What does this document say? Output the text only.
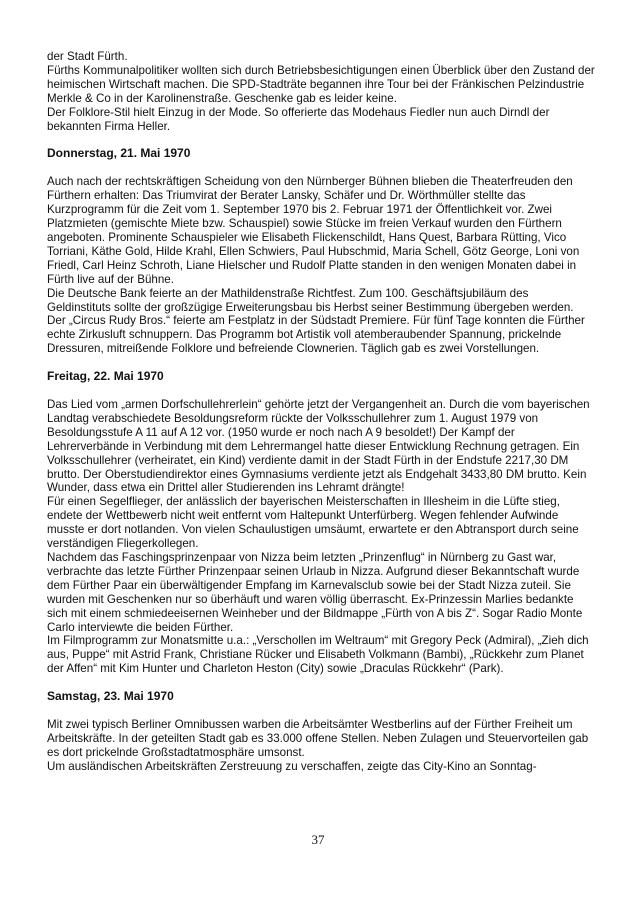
der Stadt Fürth.
Fürths Kommunalpolitiker wollten sich durch Betriebsbesichtigungen einen Überblick über den Zustand der heimischen Wirtschaft machen. Die SPD-Stadträte begannen ihre Tour bei der Fränkischen Pelzindustrie Merkle & Co in der Karolinenstraße. Geschenke gab es leider keine.
Der Folklore-Stil hielt Einzug in der Mode. So offerierte das Modehaus Fiedler nun auch Dirndl der bekannten Firma Heller.

Donnerstag, 21. Mai 1970

Auch nach der rechtskräftigen Scheidung von den Nürnberger Bühnen blieben die Theaterfreuden den Fürthern erhalten: Das Triumvirat der Berater Lansky, Schäfer und Dr. Wörthmüller stellte das Kurzprogramm für die Zeit vom 1. September 1970 bis 2. Februar 1971 der Öffentlichkeit vor. Zwei Platzmieten (gemischte Miete bzw. Schauspiel) sowie Stücke im freien Verkauf wurden den Fürthern angeboten. Prominente Schauspieler wie Elisabeth Flickenschildt, Hans Quest, Barbara Rütting, Vico Torriani, Käthe Gold, Hilde Krahl, Ellen Schwiers, Paul Hubschmid, Maria Schell, Götz George, Loni von Friedl, Carl Heinz Schroth, Liane Hielscher und Rudolf Platte standen in den wenigen Monaten dabei in Fürth live auf der Bühne.
Die Deutsche Bank feierte an der Mathildenstraße Richtfest. Zum 100. Geschäftsjubiläum des Geldinstituts sollte der großzügige Erweiterungsbau bis Herbst seiner Bestimmung übergeben werden.
Der „Circus Rudy Bros.“ feierte am Festplatz in der Südstadt Premiere. Für fünf Tage konnten die Fürther echte Zirkusluft schnuppern. Das Programm bot Artistik voll atemberaubender Spannung, prickelnde Dressuren, mitreißende Folklore und befreiende Clownerien. Täglich gab es zwei Vorstellungen.

Freitag, 22. Mai 1970

Das Lied vom „armen Dorfschullehrerlein“ gehörte jetzt der Vergangenheit an. Durch die vom bayerischen Landtag verabschiedete Besoldungsreform rückte der Volksschullehrer zum 1. August 1979 von Besoldungsstufe A 11 auf A 12 vor. (1950 wurde er noch nach A 9 besoldet!) Der Kampf der Lehrerverbände in Verbindung mit dem Lehrermangel hatte dieser Entwicklung Rechnung getragen. Ein Volksschullehrer (verheiratet, ein Kind) verdiente damit in der Stadt Fürth in der Endstufe 2217,30 DM brutto. Der Oberstudiendirektor eines Gymnasiums verdiente jetzt als Endgehalt 3433,80 DM brutto. Kein Wunder, dass etwa ein Drittel aller Studierenden ins Lehramt drängte!
Für einen Segelflieger, der anlässlich der bayerischen Meisterschaften in Illesheim in die Lüfte stieg, endete der Wettbewerb nicht weit entfernt vom Haltepunkt Unterfürberg. Wegen fehlender Aufwinde musste er dort notlanden. Von vielen Schaulustigen umsäumt, erwartete er den Abtransport durch seine verständigen Fliegerkollegen.
Nachdem das Faschingsprinzenpaar von Nizza beim letzten „Prinzenflug“ in Nürnberg zu Gast war, verbrachte das letzte Fürther Prinzenpaar seinen Urlaub in Nizza. Aufgrund dieser Bekanntschaft wurde dem Fürther Paar ein überwältigender Empfang im Karnevalsclub sowie bei der Stadt Nizza zuteil. Sie wurden mit Geschenken nur so überhäuft und waren völlig überrascht. Ex-Prinzessin Marlies bedankte sich mit einem schmiedeeisernen Weinheber und der Bildmappe „Fürth von A bis Z“. Sogar Radio Monte Carlo interviewte die beiden Fürther.
Im Filmprogramm zur Monatsmitte u.a.: „Verschollen im Weltraum“ mit Gregory Peck (Admiral), „Zieh dich aus, Puppe“ mit Astrid Frank, Christiane Rücker und Elisabeth Volkmann (Bambi), „Rückkehr zum Planet der Affen“ mit Kim Hunter und Charleton Heston (City) sowie „Draculas Rückkehr“ (Park).

Samstag, 23. Mai 1970

Mit zwei typisch Berliner Omnibussen warben die Arbeitsämter Westberlins auf der Fürther Freiheit um Arbeitskräfte. In der geteilten Stadt gab es 33.000 offene Stellen. Neben Zulagen und Steuervorteilen gab es dort prickelnde Großstadtatmosphäre umsonst.
Um ausländischen Arbeitskräften Zerstreuung zu verschaffen, zeigte das City-Kino an Sonntag-

37
